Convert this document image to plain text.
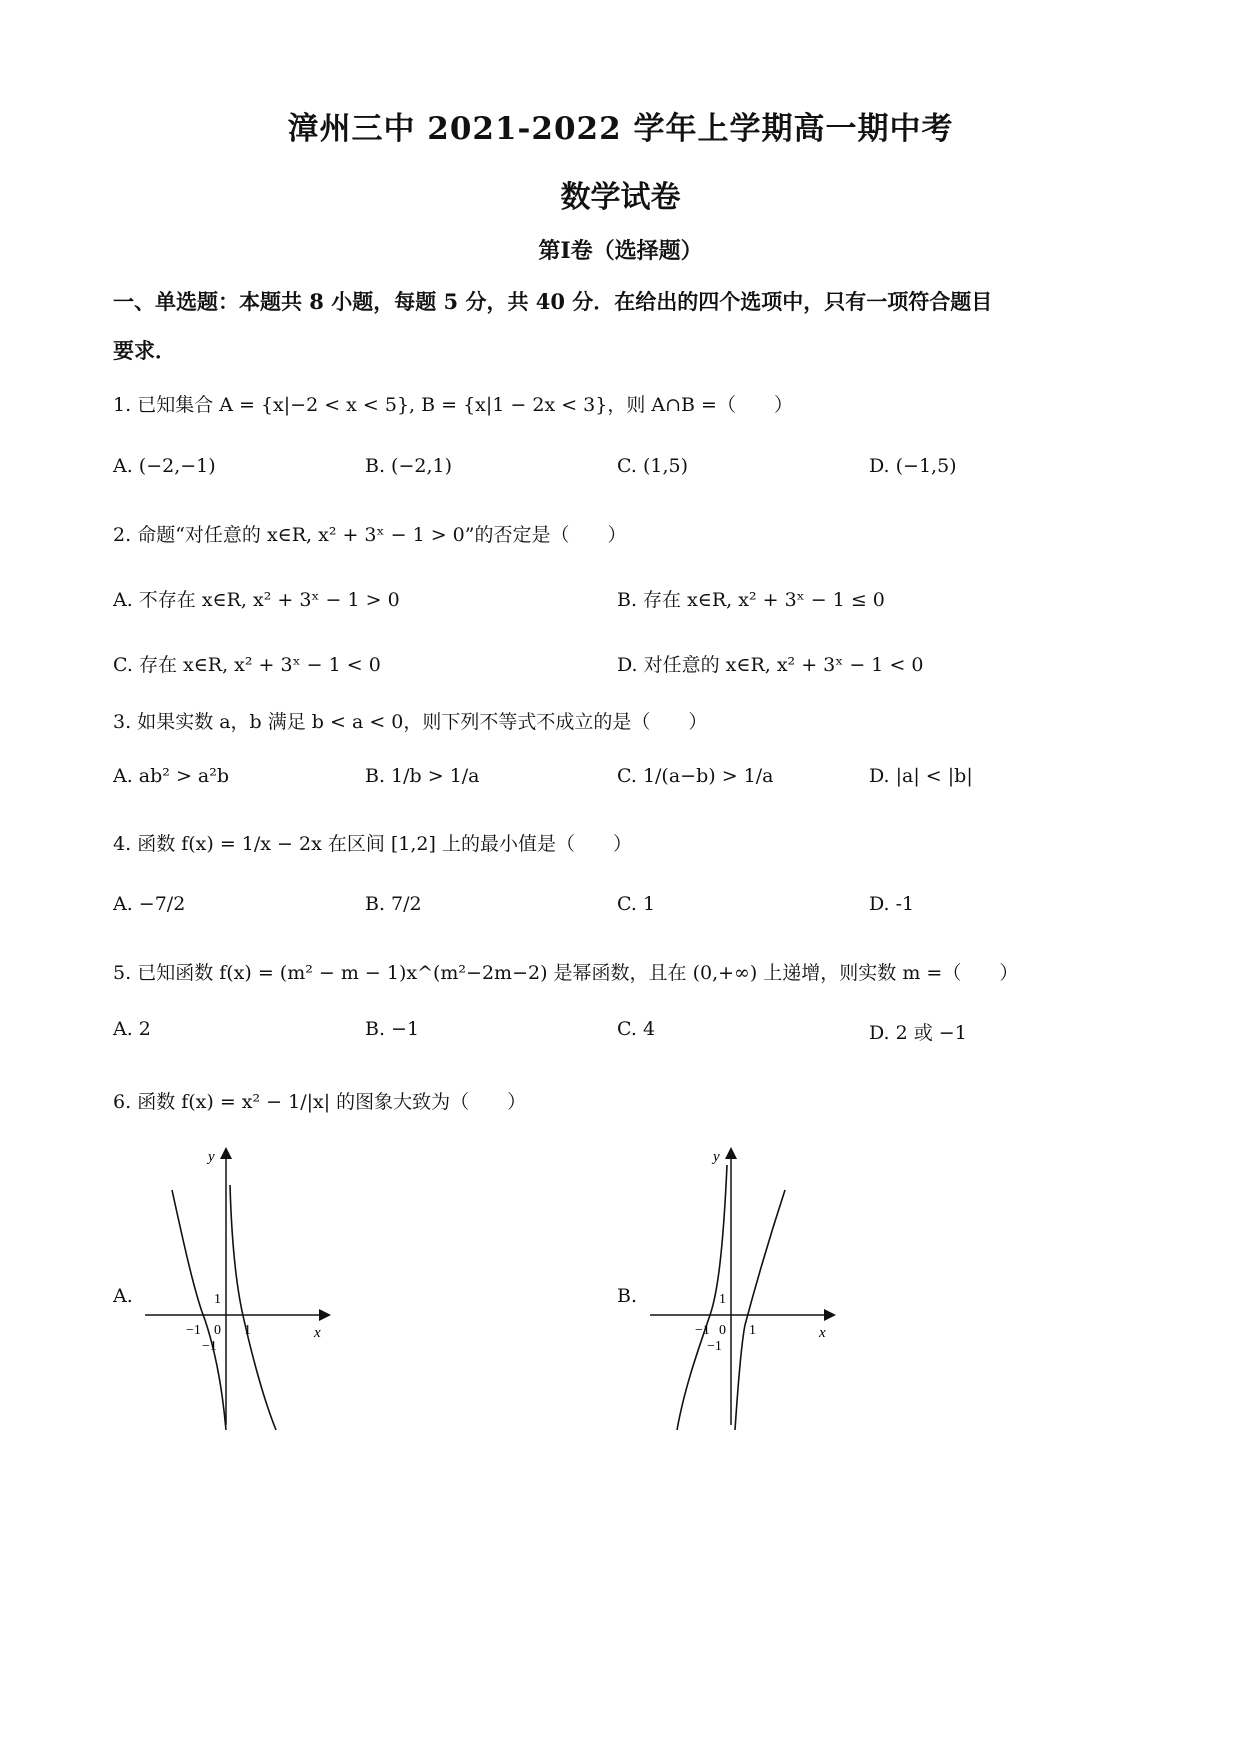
漳州三中 2021-2022 学年上学期高一期中考
数学试卷
第Ⅰ卷（选择题）
一、单选题：本题共 8 小题，每题 5 分，共 40 分．在给出的四个选项中，只有一项符合题目
要求．
1. 已知集合 A = {x|−2 < x < 5}, B = {x|1 − 2x < 3}，则 A∩B =（　　）
A. (−2,−1)	B. (−2,1)	C. (1,5)	D. (−1,5)
2. 命题“对任意的 x∈R, x² + 3ˣ − 1 > 0”的否定是（　　）
A. 不存在 x∈R, x² + 3ˣ − 1 > 0	B. 存在 x∈R, x² + 3ˣ − 1 ≤ 0
C. 存在 x∈R, x² + 3ˣ − 1 < 0	D. 对任意的 x∈R, x² + 3ˣ − 1 < 0
3. 如果实数 a，b 满足 b < a < 0，则下列不等式不成立的是（　　）
A. ab² > a²b	B. 1/b > 1/a	C. 1/(a−b) > 1/a	D. |a| < |b|
4. 函数 f(x) = 1/x − 2x 在区间 [1,2] 上的最小值是（　　）
A. −7/2	B. 7/2	C. 1	D. -1
5. 已知函数 f(x) = (m² − m − 1)x^(m²−2m−2) 是幂函数，且在 (0,+∞) 上递增，则实数 m =（　　）
A. 2	B. −1	C. 4	D. 2 或 −1
6. 函数 f(x) = x² − 1/|x| 的图象大致为（　　）
A.	B.
y
x
0
1
−1	1
−1
y
x
0
1
−1	1
−1
